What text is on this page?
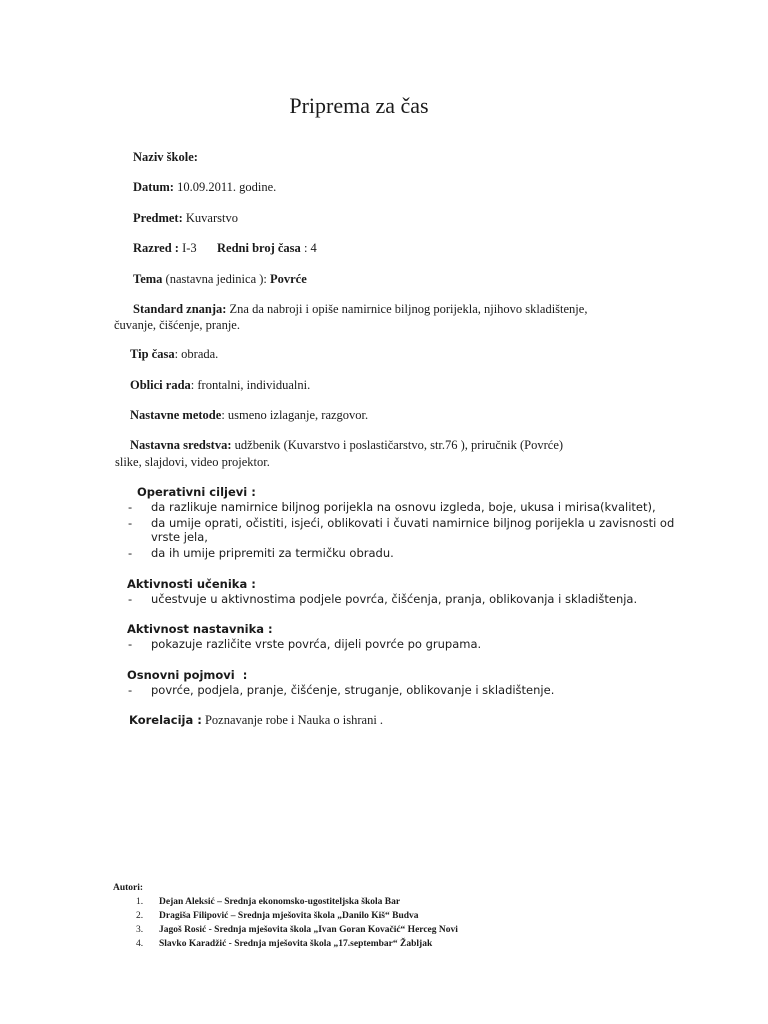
Priprema za čas
Naziv škole:
Datum: 10.09.2011. godine.
Predmet: Kuvarstvo
Razred : I-3 Redni broj časa : 4
Tema (nastavna jedinica ): Povrće
Standard znanja: Zna da nabroji i opiše namirnice biljnog porijekla, njihovo skladištenje,
čuvanje, čišćenje, pranje.
Tip časa: obrada.
Oblici rada: frontalni, individualni.
Nastavne metode: usmeno izlaganje, razgovor.
Nastavna sredstva: udžbenik (Kuvarstvo i poslastičarstvo, str.76 ), priručnik (Povrće)
slike, slajdovi, video projektor.
Operativni ciljevi :
- da razlikuje namirnice biljnog porijekla na osnovu izgleda, boje, ukusa i mirisa(kvalitet),
- da umije oprati, očistiti, isjeći, oblikovati i čuvati namirnice biljnog porijekla u zavisnosti od
vrste jela,
- da ih umije pripremiti za termičku obradu.
Aktivnosti učenika :
- učestvuje u aktivnostima podjele povrća, čišćenja, pranja, oblikovanja i skladištenja.
Aktivnost nastavnika :
- pokazuje različite vrste povrća, dijeli povrće po grupama.
Osnovni pojmovi  :
- povrće, podjela, pranje, čišćenje, struganje, oblikovanje i skladištenje.
Korelacija : Poznavanje robe i Nauka o ishrani .
Autori:
1. Dejan Aleksić – Srednja ekonomsko-ugostiteljska škola Bar
2. Dragiša Filipović – Srednja mješovita škola „Danilo Kiš“ Budva
3. Jagoš Rosić - Srednja mješovita škola „Ivan Goran Kovačić“ Herceg Novi
4. Slavko Karadžić - Srednja mješovita škola „17.septembar“ Žabljak
